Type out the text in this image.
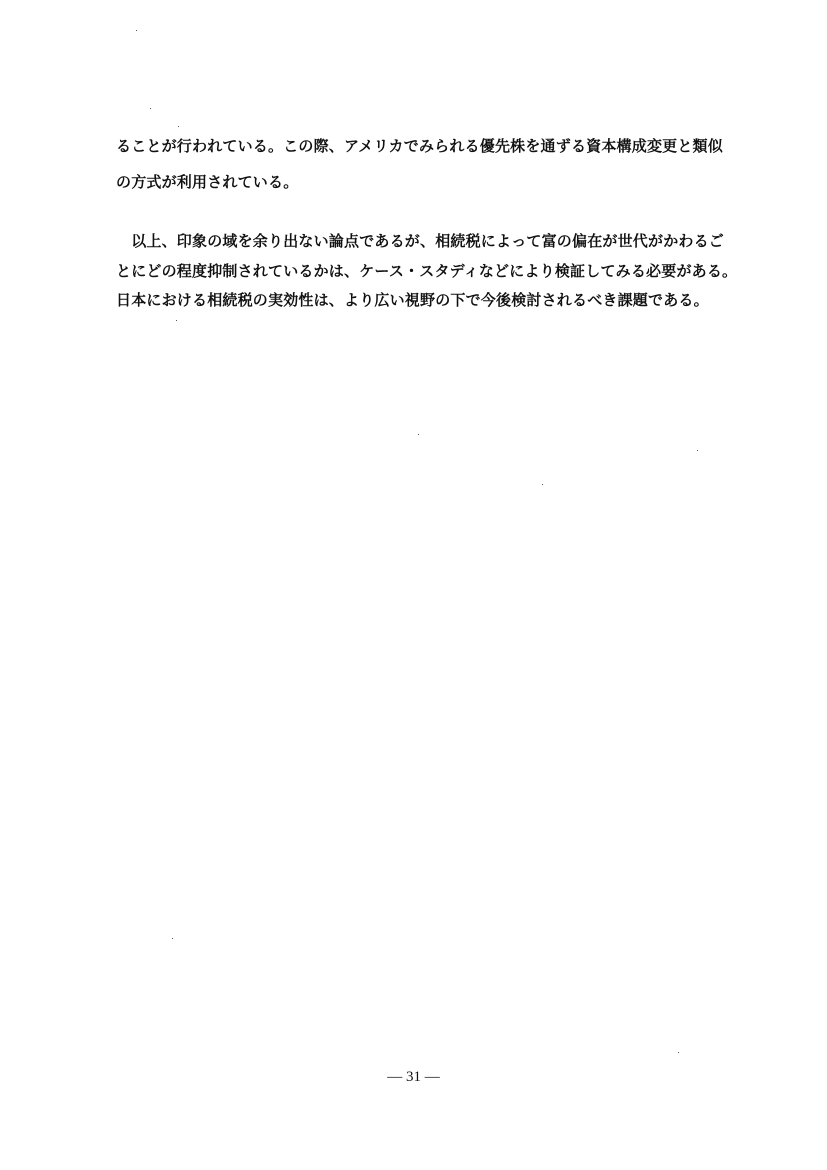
ることが行われている。この際、アメリカでみられる優先株を通ずる資本構成変更と類似
の方式が利用されている。
　以上、印象の域を余り出ない論点であるが、相続税によって富の偏在が世代がかわるご
とにどの程度抑制されているかは、ケース・スタディなどにより検証してみる必要がある。
日本における相続税の実効性は、より広い視野の下で今後検討されるべき課題である。
— 31 —
